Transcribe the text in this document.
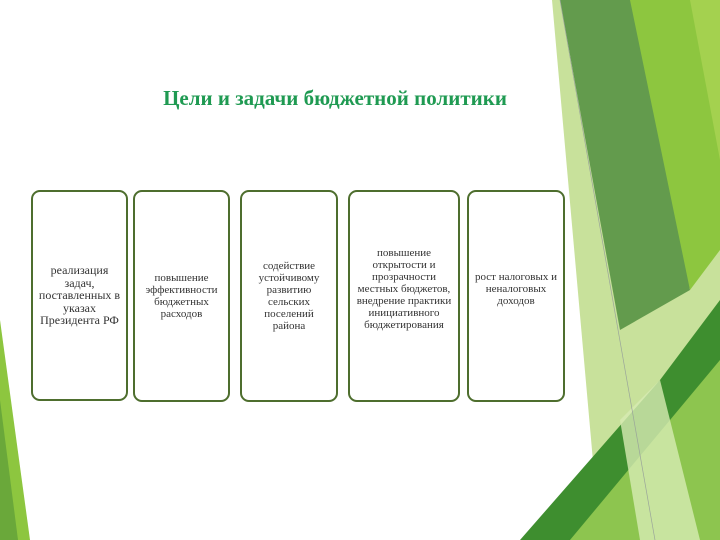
Цели и задачи бюджетной политики
реализация задач, поставленных в указах Президента РФ
повышение эффективности бюджетных расходов
содействие устойчивому развитию сельских поселений района
повышение открытости и прозрачности местных бюджетов, внедрение практики инициативного бюджетирования
рост налоговых и неналоговых доходов
